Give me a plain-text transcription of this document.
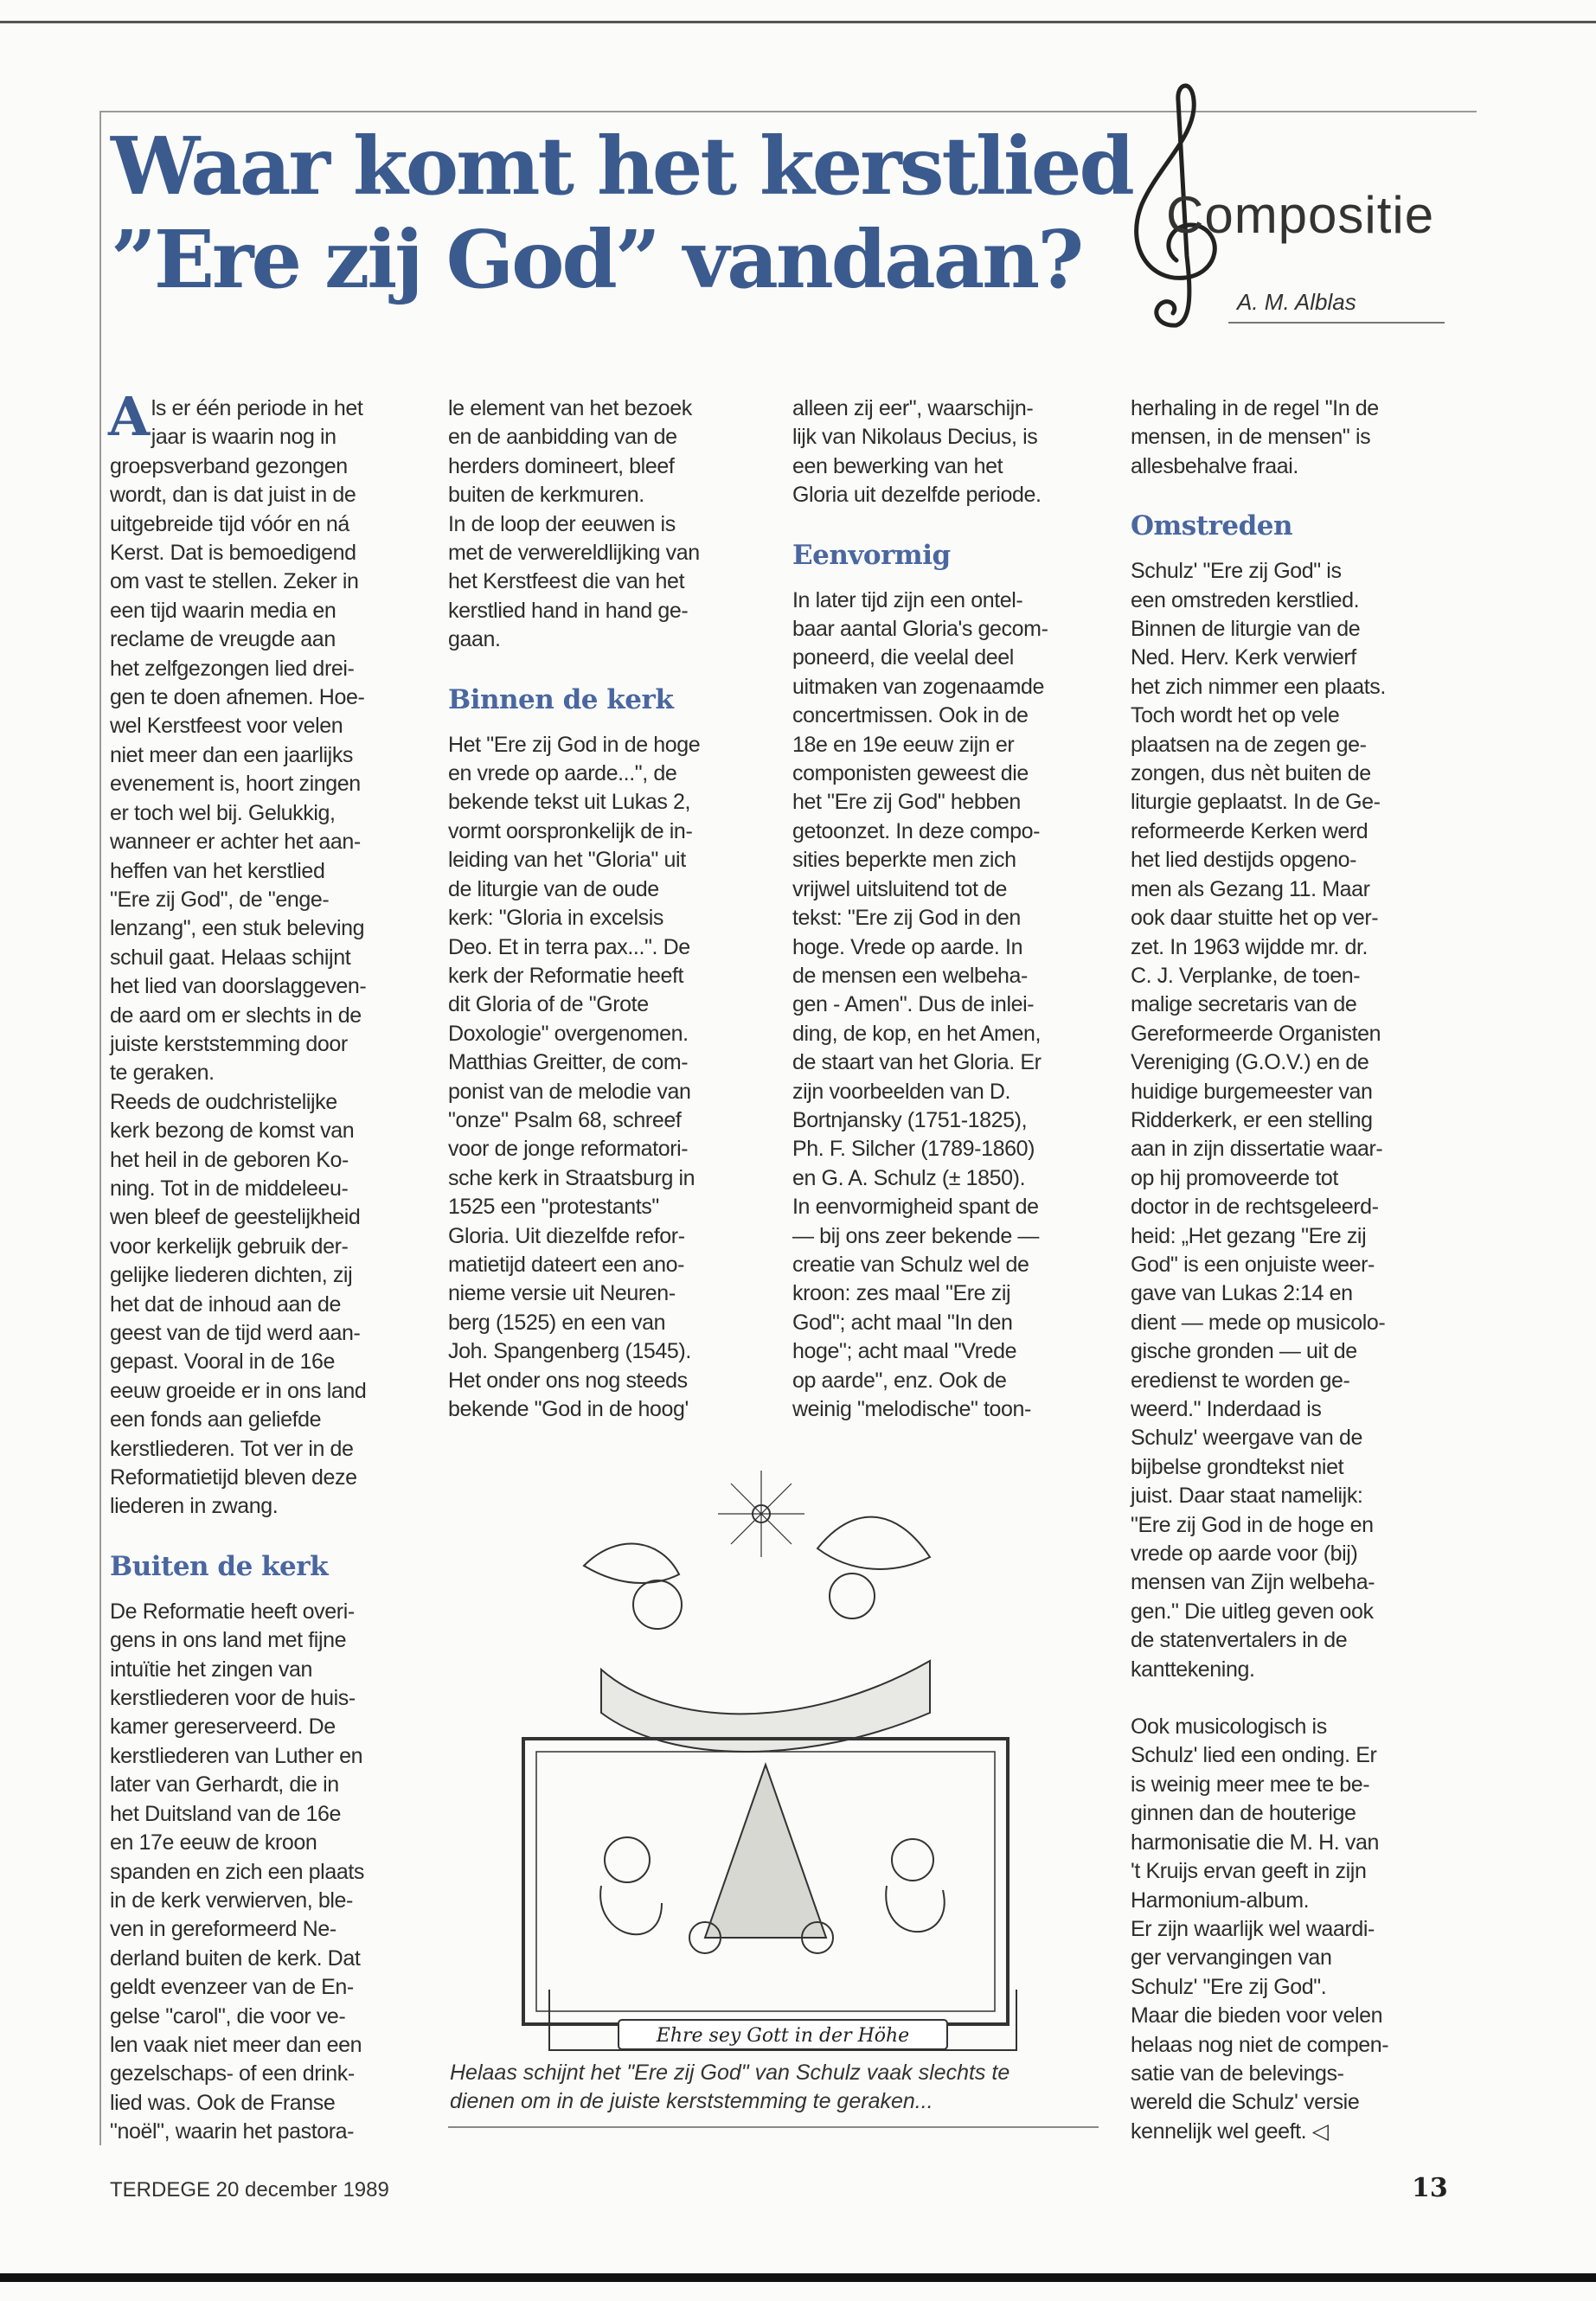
Waar komt het kerstlied
”Ere zij God” vandaan? Compositie
A. M. Alblas

Als er één periode in het
jaar is waarin nog in
groepsverband gezongen
wordt, dan is dat juist in de
uitgebreide tijd vóór en ná
Kerst. Dat is bemoedigend
om vast te stellen. Zeker in
een tijd waarin media en
reclame de vreugde aan
het zelfgezongen lied drei-
gen te doen afnemen. Hoe-
wel Kerstfeest voor velen
niet meer dan een jaarlijks
evenement is, hoort zingen
er toch wel bij. Gelukkig,
wanneer er achter het aan-
heffen van het kerstlied
"Ere zij God", de "enge-
lenzang", een stuk beleving
schuil gaat. Helaas schijnt
het lied van doorslaggeven-
de aard om er slechts in de
juiste kerststemming door
te geraken.

Reeds de oudchristelijke
kerk bezong de komst van
het heil in de geboren Ko-
ning. Tot in de middeleeu-
wen bleef de geestelijkheid
voor kerkelijk gebruik der-
gelijke liederen dichten, zij
het dat de inhoud aan de
geest van de tijd werd aan-
gepast. Vooral in de 16e
eeuw groeide er in ons land
een fonds aan geliefde
kerstliederen. Tot ver in de
Reformatietijd bleven deze
liederen in zwang.

Buiten de kerk

De Reformatie heeft overi-
gens in ons land met fijne
intuïtie het zingen van
kerstliederen voor de huis-
kamer gereserveerd. De
kerstliederen van Luther en
later van Gerhardt, die in
het Duitsland van de 16e
en 17e eeuw de kroon
spanden en zich een plaats
in de kerk verwierven, ble-
ven in gereformeerd Ne-
derland buiten de kerk. Dat
geldt evenzeer van de En-
gelse "carol", die voor ve-
len vaak niet meer dan een
gezelschaps- of een drink-
lied was. Ook de Franse
"noël", waarin het pastora-

le element van het bezoek
en de aanbidding van de
herders domineert, bleef
buiten de kerkmuren.

In de loop der eeuwen is
met de verwereldlijking van
het Kerstfeest die van het
kerstlied hand in hand ge-
gaan.

Binnen de kerk

Het "Ere zij God in de hoge
en vrede op aarde...", de
bekende tekst uit Lukas 2,
vormt oorspronkelijk de in-
leiding van het "Gloria" uit
de liturgie van de oude
kerk: "Gloria in excelsis
Deo. Et in terra pax...". De
kerk der Reformatie heeft
dit Gloria of de "Grote
Doxologie" overgenomen.
Matthias Greitter, de com-
ponist van de melodie van
"onze" Psalm 68, schreef
voor de jonge reformatori-
sche kerk in Straatsburg in
1525 een "protestants"
Gloria. Uit diezelfde refor-
matietijd dateert een ano-
nieme versie uit Neuren-
berg (1525) en een van
Joh. Spangenberg (1545).
Het onder ons nog steeds
bekende "God in de hoog'

alleen zij eer", waarschijn-
lijk van Nikolaus Decius, is
een bewerking van het
Gloria uit dezelfde periode.

Eenvormig

In later tijd zijn een ontel-
baar aantal Gloria's gecom-
poneerd, die veelal deel
uitmaken van zogenaamde
concertmissen. Ook in de
18e en 19e eeuw zijn er
componisten geweest die
het "Ere zij God" hebben
getoonzet. In deze compo-
sities beperkte men zich
vrijwel uitsluitend tot de
tekst: "Ere zij God in den
hoge. Vrede op aarde. In
de mensen een welbeha-
gen - Amen". Dus de inlei-
ding, de kop, en het Amen,
de staart van het Gloria. Er
zijn voorbeelden van D.
Bortnjansky (1751-1825),
Ph. F. Silcher (1789-1860)
en G. A. Schulz (± 1850).
In eenvormigheid spant de
— bij ons zeer bekende —
creatie van Schulz wel de
kroon: zes maal "Ere zij
God"; acht maal "In den
hoge"; acht maal "Vrede
op aarde", enz. Ook de
weinig "melodische" toon-

herhaling in de regel "In de
mensen, in de mensen" is
allesbehalve fraai.

Omstreden

Schulz' "Ere zij God" is
een omstreden kerstlied.
Binnen de liturgie van de
Ned. Herv. Kerk verwierf
het zich nimmer een plaats.
Toch wordt het op vele
plaatsen na de zegen ge-
zongen, dus nèt buiten de
liturgie geplaatst. In de Ge-
reformeerde Kerken werd
het lied destijds opgeno-
men als Gezang 11. Maar
ook daar stuitte het op ver-
zet. In 1963 wijdde mr. dr.
C. J. Verplanke, de toen-
malige secretaris van de
Gereformeerde Organisten
Vereniging (G.O.V.) en de
huidige burgemeester van
Ridderkerk, er een stelling
aan in zijn dissertatie waar-
op hij promoveerde tot
doctor in de rechtsgeleerd-
heid: „Het gezang "Ere zij
God" is een onjuiste weer-
gave van Lukas 2:14 en
dient — mede op musicolo-
gische gronden — uit de
eredienst te worden ge-
weerd." Inderdaad is
Schulz' weergave van de
bijbelse grondtekst niet
juist. Daar staat namelijk:
"Ere zij God in de hoge en
vrede op aarde voor (bij)
mensen van Zijn welbeha-
gen." Die uitleg geven ook
de statenvertalers in de
kanttekening.

Ook musicologisch is
Schulz' lied een onding. Er
is weinig meer mee te be-
ginnen dan de houterige
harmonisatie die M. H. van
't Kruijs ervan geeft in zijn
Harmonium-album.
Er zijn waarlijk wel waardi-
ger vervangingen van
Schulz' "Ere zij God".
Maar die bieden voor velen
helaas nog niet de compen-
satie van de belevings-
wereld die Schulz' versie
kennelijk wel geeft. ◁

Ehre sey Gott in der Höhe
Helaas schijnt het "Ere zij God" van Schulz vaak slechts te
dienen om in de juiste kerststemming te geraken...
TERDEGE 20 december 1989	13
